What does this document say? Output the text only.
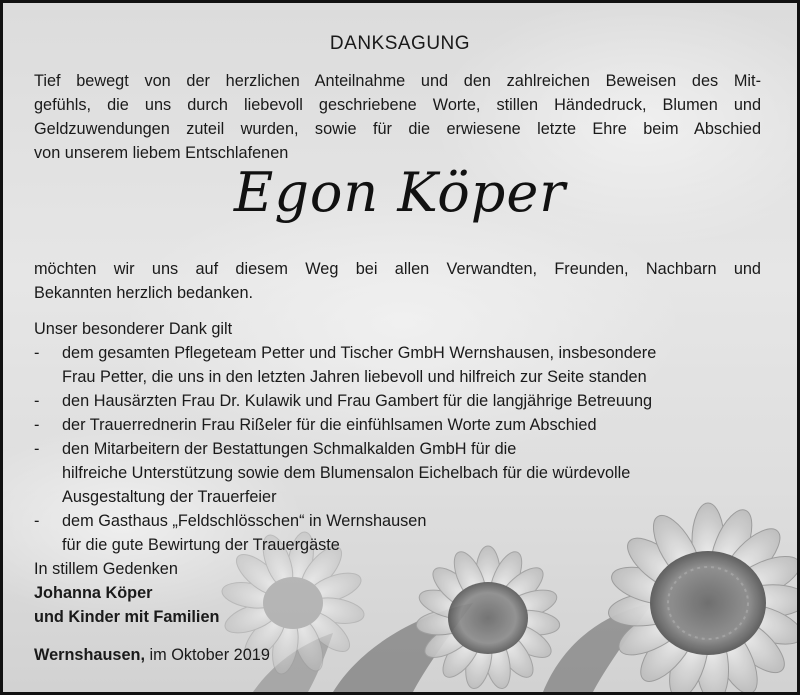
DANKSAGUNG
Tief bewegt von der herzlichen Anteilnahme und den zahlreichen Beweisen des Mit-
gefühls, die uns durch liebevoll geschriebene Worte, stillen Händedruck, Blumen und
Geldzuwendungen zuteil wurden, sowie für die erwiesene letzte Ehre beim Abschied
von unserem liebem Entschlafenen
Egon Köper
möchten wir uns auf diesem Weg bei allen Verwandten, Freunden, Nachbarn und
Bekannten herzlich bedanken.
Unser besonderer Dank gilt
-	dem gesamten Pflegeteam Petter und Tischer GmbH Wernshausen, insbesondere
Frau Petter, die uns in den letzten Jahren liebevoll und hilfreich zur Seite standen
-	den Hausärzten Frau Dr. Kulawik und Frau Gambert für die langjährige Betreuung
-	der Trauerrednerin Frau Rißeler für die einfühlsamen Worte zum Abschied
-	den Mitarbeitern der Bestattungen Schmalkalden GmbH für die
hilfreiche Unterstützung sowie dem Blumensalon Eichelbach für die würdevolle
Ausgestaltung der Trauerfeier
-	dem Gasthaus „Feldschlösschen“ in Wernshausen
für die gute Bewirtung der Trauergäste
In stillem Gedenken
Johanna Köper
und Kinder mit Familien
Wernshausen, im Oktober 2019
